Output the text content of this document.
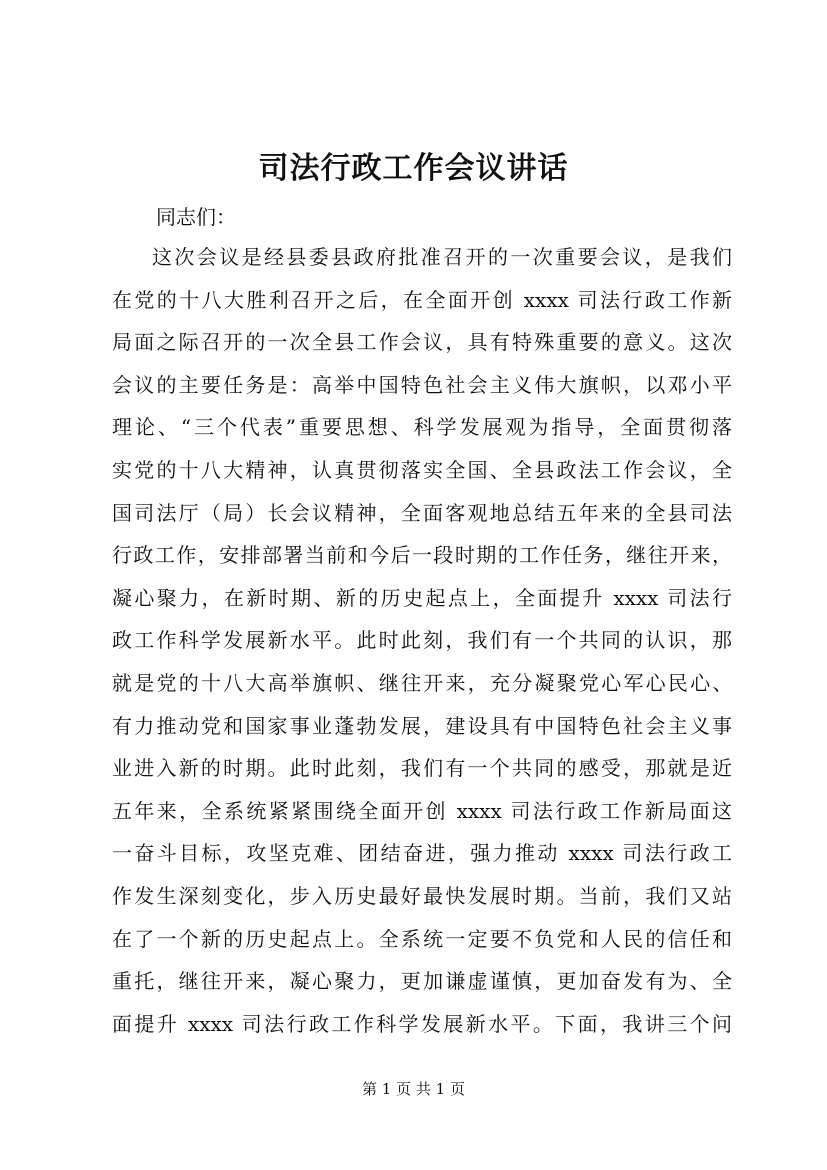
司法行政工作会议讲话
同志们：
这次会议是经县委县政府批准召开的一次重要会议，是我们
在党的十八大胜利召开之后，在全面开创 xxxx 司法行政工作新
局面之际召开的一次全县工作会议，具有特殊重要的意义。这次
会议的主要任务是：高举中国特色社会主义伟大旗帜，以邓小平
理论、“三个代表”重要思想、科学发展观为指导，全面贯彻落
实党的十八大精神，认真贯彻落实全国、全县政法工作会议，全
国司法厅（局）长会议精神，全面客观地总结五年来的全县司法
行政工作，安排部署当前和今后一段时期的工作任务，继往开来，
凝心聚力，在新时期、新的历史起点上，全面提升 xxxx 司法行
政工作科学发展新水平。此时此刻，我们有一个共同的认识，那
就是党的十八大高举旗帜、继往开来，充分凝聚党心军心民心、
有力推动党和国家事业蓬勃发展，建设具有中国特色社会主义事
业进入新的时期。此时此刻，我们有一个共同的感受，那就是近
五年来，全系统紧紧围绕全面开创 xxxx 司法行政工作新局面这
一奋斗目标，攻坚克难、团结奋进，强力推动 xxxx 司法行政工
作发生深刻变化，步入历史最好最快发展时期。当前，我们又站
在了一个新的历史起点上。全系统一定要不负党和人民的信任和
重托，继往开来，凝心聚力，更加谦虚谨慎，更加奋发有为、全
面提升 xxxx 司法行政工作科学发展新水平。下面，我讲三个问
第 1 页 共 1 页
